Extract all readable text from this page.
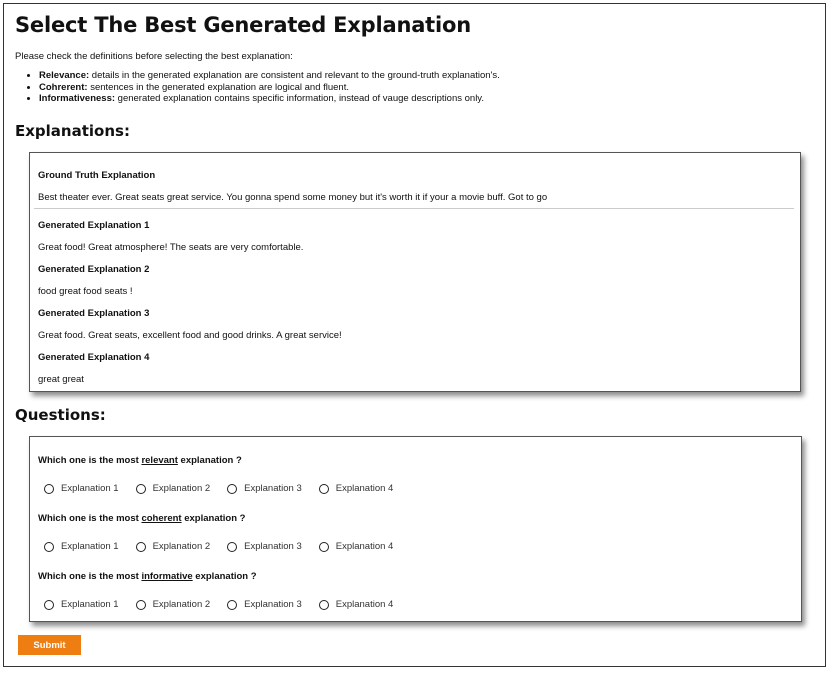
Select The Best Generated Explanation

Please check the definitions before selecting the best explanation:

• Relevance: details in the generated explanation are consistent and relevant to the ground-truth explanation's.
• Cohrerent: sentences in the generated explanation are logical and fluent.
• Informativeness: generated explanation contains specific information, instead of vauge descriptions only.
Explanations:
Ground Truth Explanation
Best theater ever. Great seats great service. You gonna spend some money but it's worth it if your a movie buff. Got to go
Generated Explanation 1
Great food! Great atmosphere! The seats are very comfortable.
Generated Explanation 2
food great food seats !
Generated Explanation 3
Great food. Great seats, excellent food and good drinks. A great service!
Generated Explanation 4
great great
Questions:
Which one is the most relevant explanation ?
Explanation 1	Explanation 2	Explanation 3	Explanation 4
Which one is the most coherent explanation ?
Explanation 1	Explanation 2	Explanation 3	Explanation 4
Which one is the most informative explanation ?
Explanation 1	Explanation 2	Explanation 3	Explanation 4
Submit
